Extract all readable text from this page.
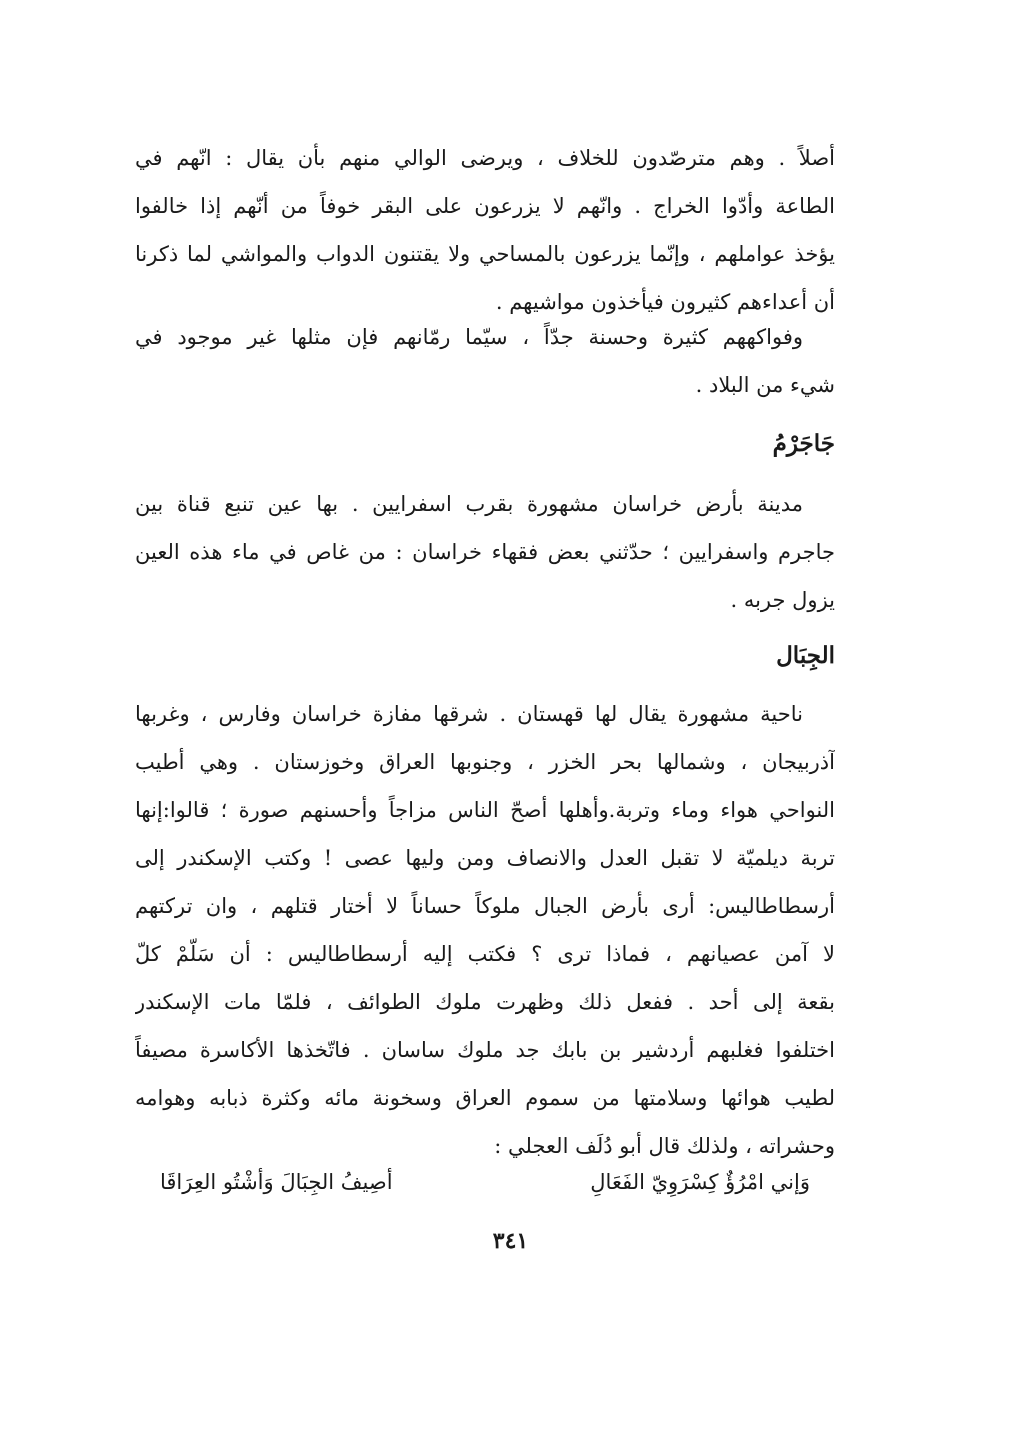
أصلاً . وهم مترصّدون للخلاف ، ويرضى الوالي منهم بأن يقال : انّهم في
الطاعة وأدّوا الخراج . وانّهم لا يزرعون على البقر خوفاً من أنّهم إذا خالفوا
يؤخذ عواملهم ، وإنّما يزرعون بالمساحي ولا يقتنون الدواب والمواشي لما ذكرنا
أن أعداءهم كثيرون فيأخذون مواشيهم .
وفواكههم كثيرة وحسنة جدّاً ، سيّما رمّانهم فإن مثلها غير موجود في
شيء من البلاد .
جَاجَرْمُ
مدينة بأرض خراسان مشهورة بقرب اسفرايين . بها عين تنبع قناة بين
جاجرم واسفرايين ؛ حدّثني بعض فقهاء خراسان : من غاص في ماء هذه العين
يزول جربه .
الجِبَال
ناحية مشهورة يقال لها قهستان . شرقها مفازة خراسان وفارس ، وغربها
آذربيجان ، وشمالها بحر الخزر ، وجنوبها العراق وخوزستان . وهي أطيب
النواحي هواء وماء وتربة.وأهلها أصحّ الناس مزاجاً وأحسنهم صورة ؛ قالوا:إنها
تربة ديلميّة لا تقبل العدل والانصاف ومن وليها عصى ! وكتب الإسكندر إلى
أرسطاطاليس: أرى بأرض الجبال ملوكاً حساناً لا أختار قتلهم ، وان تركتهم
لا آمن عصيانهم ، فماذا ترى ؟ فكتب إليه أرسطاطاليس : أن سَلّمْ كلّ
بقعة إلى أحد . ففعل ذلك وظهرت ملوك الطوائف ، فلمّا مات الإسكندر
اختلفوا فغلبهم أردشير بن بابك جد ملوك ساسان . فاتّخذها الأكاسرة مصيفاً
لطيب هوائها وسلامتها من سموم العراق وسخونة مائه وكثرة ذبابه وهوامه
وحشراته ، ولذلك قال أبو دُلَف العجلي :
وَإني امْرُؤٌ كِسْرَوِيّ الفَعَالِ
أصِيفُ الجِبَالَ وَأشْتُو العِرَاقَا
٣٤١
